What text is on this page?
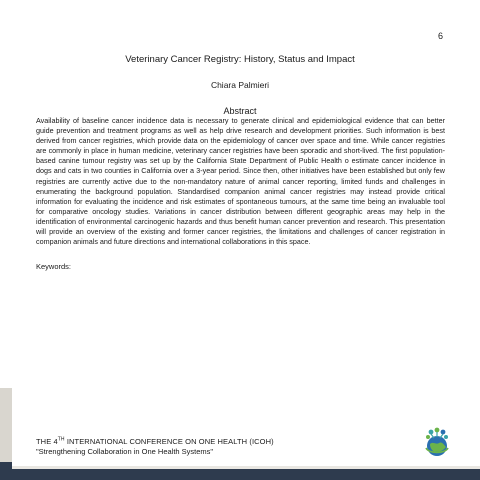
6
Veterinary Cancer Registry: History, Status and Impact
Chiara Palmieri
Abstract

Availability of baseline cancer incidence data is necessary to generate clinical and epidemiological evidence that can better guide prevention and treatment programs as well as help drive research and development priorities. Such information is best derived from cancer registries, which provide data on the epidemiology of cancer over space and time. While cancer registries are commonly in place in human medicine, veterinary cancer registries have been sporadic and short-lived. The first population-based canine tumour registry was set up by the California State Department of Public Health o estimate cancer incidence in dogs and cats in two counties in California over a 3-year period. Since then, other initiatives have been established but only few registries are currently active due to the non-mandatory nature of animal cancer reporting, limited funds and challenges in enumerating the background population. Standardised companion animal cancer registries may instead provide critical information for evaluating the incidence and risk estimates of spontaneous tumours, at the same time being an invaluable tool for comparative oncology studies. Variations in cancer distribution between different geographic areas may help in the identification of environmental carcinogenic hazards and thus benefit human cancer prevention and research. This presentation will provide an overview of the existing and former cancer registries, the limitations and challenges of cancer registration in companion animals and future directions and international collaborations in this space.

Keywords:
THE 4TH INTERNATIONAL CONFERENCE ON ONE HEALTH (ICOH)
"Strengthening Collaboration in One Health Systems"
